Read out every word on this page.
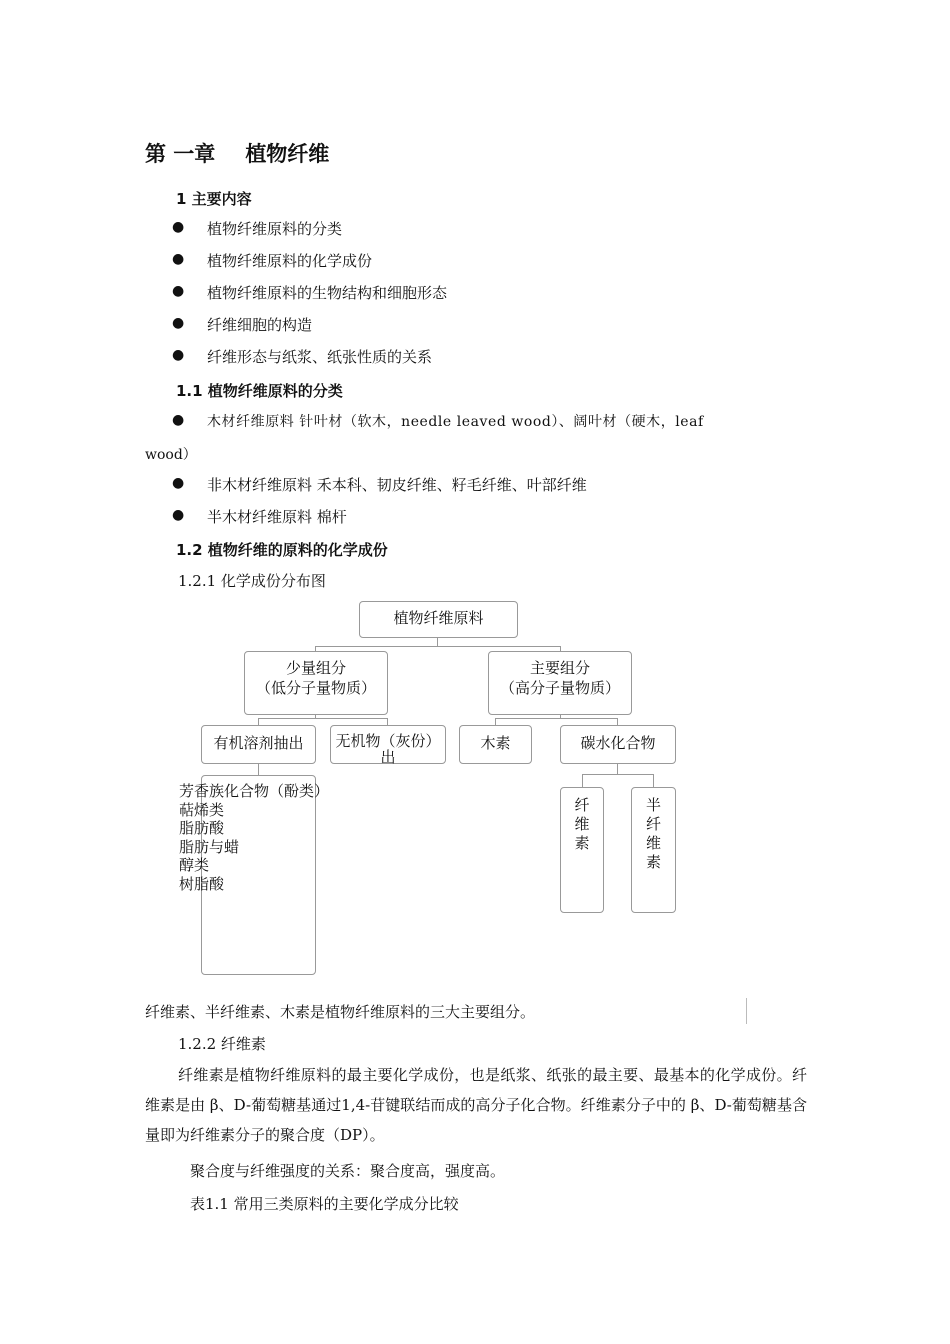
第 一章 植物纤维
1 主要内容
● 植物纤维原料的分类
● 植物纤维原料的化学成份
● 植物纤维原料的生物结构和细胞形态
● 纤维细胞的构造
● 纤维形态与纸浆、纸张性质的关系
1.1 植物纤维原料的分类
● 木材纤维原料 针叶材（软木，needle leaved wood）、阔叶材（硬木，leaf
wood）
● 非木材纤维原料 禾本科、韧皮纤维、籽毛纤维、叶部纤维
● 半木材纤维原料 棉杆
1.2 植物纤维的原料的化学成份
1.2.1 化学成份分布图
植物纤维原料
少量组分
（低分子量物质）
主要组分
（高分子量物质）
有机溶剂抽出	无机物（灰份）
出
木素	碳水化合物
纤维素
半纤维素
芳香族化合物（酚类）
萜烯类
脂肪酸
脂肪与蜡
醇类
树脂酸
纤维素、半纤维素、木素是植物纤维原料的三大主要组分。
1.2.2 纤维素
纤维素是植物纤维原料的最主要化学成份，也是纸浆、纸张的最主要、最基本的化学成份。纤维素是由 β、D-葡萄糖基通过1,4-苷键联结而成的高分子化合物。纤维素分子中的 β、D-葡萄糖基含量即为纤维素分子的聚合度（DP）。
聚合度与纤维强度的关系：聚合度高，强度高。
表1.1 常用三类原料的主要化学成分比较
